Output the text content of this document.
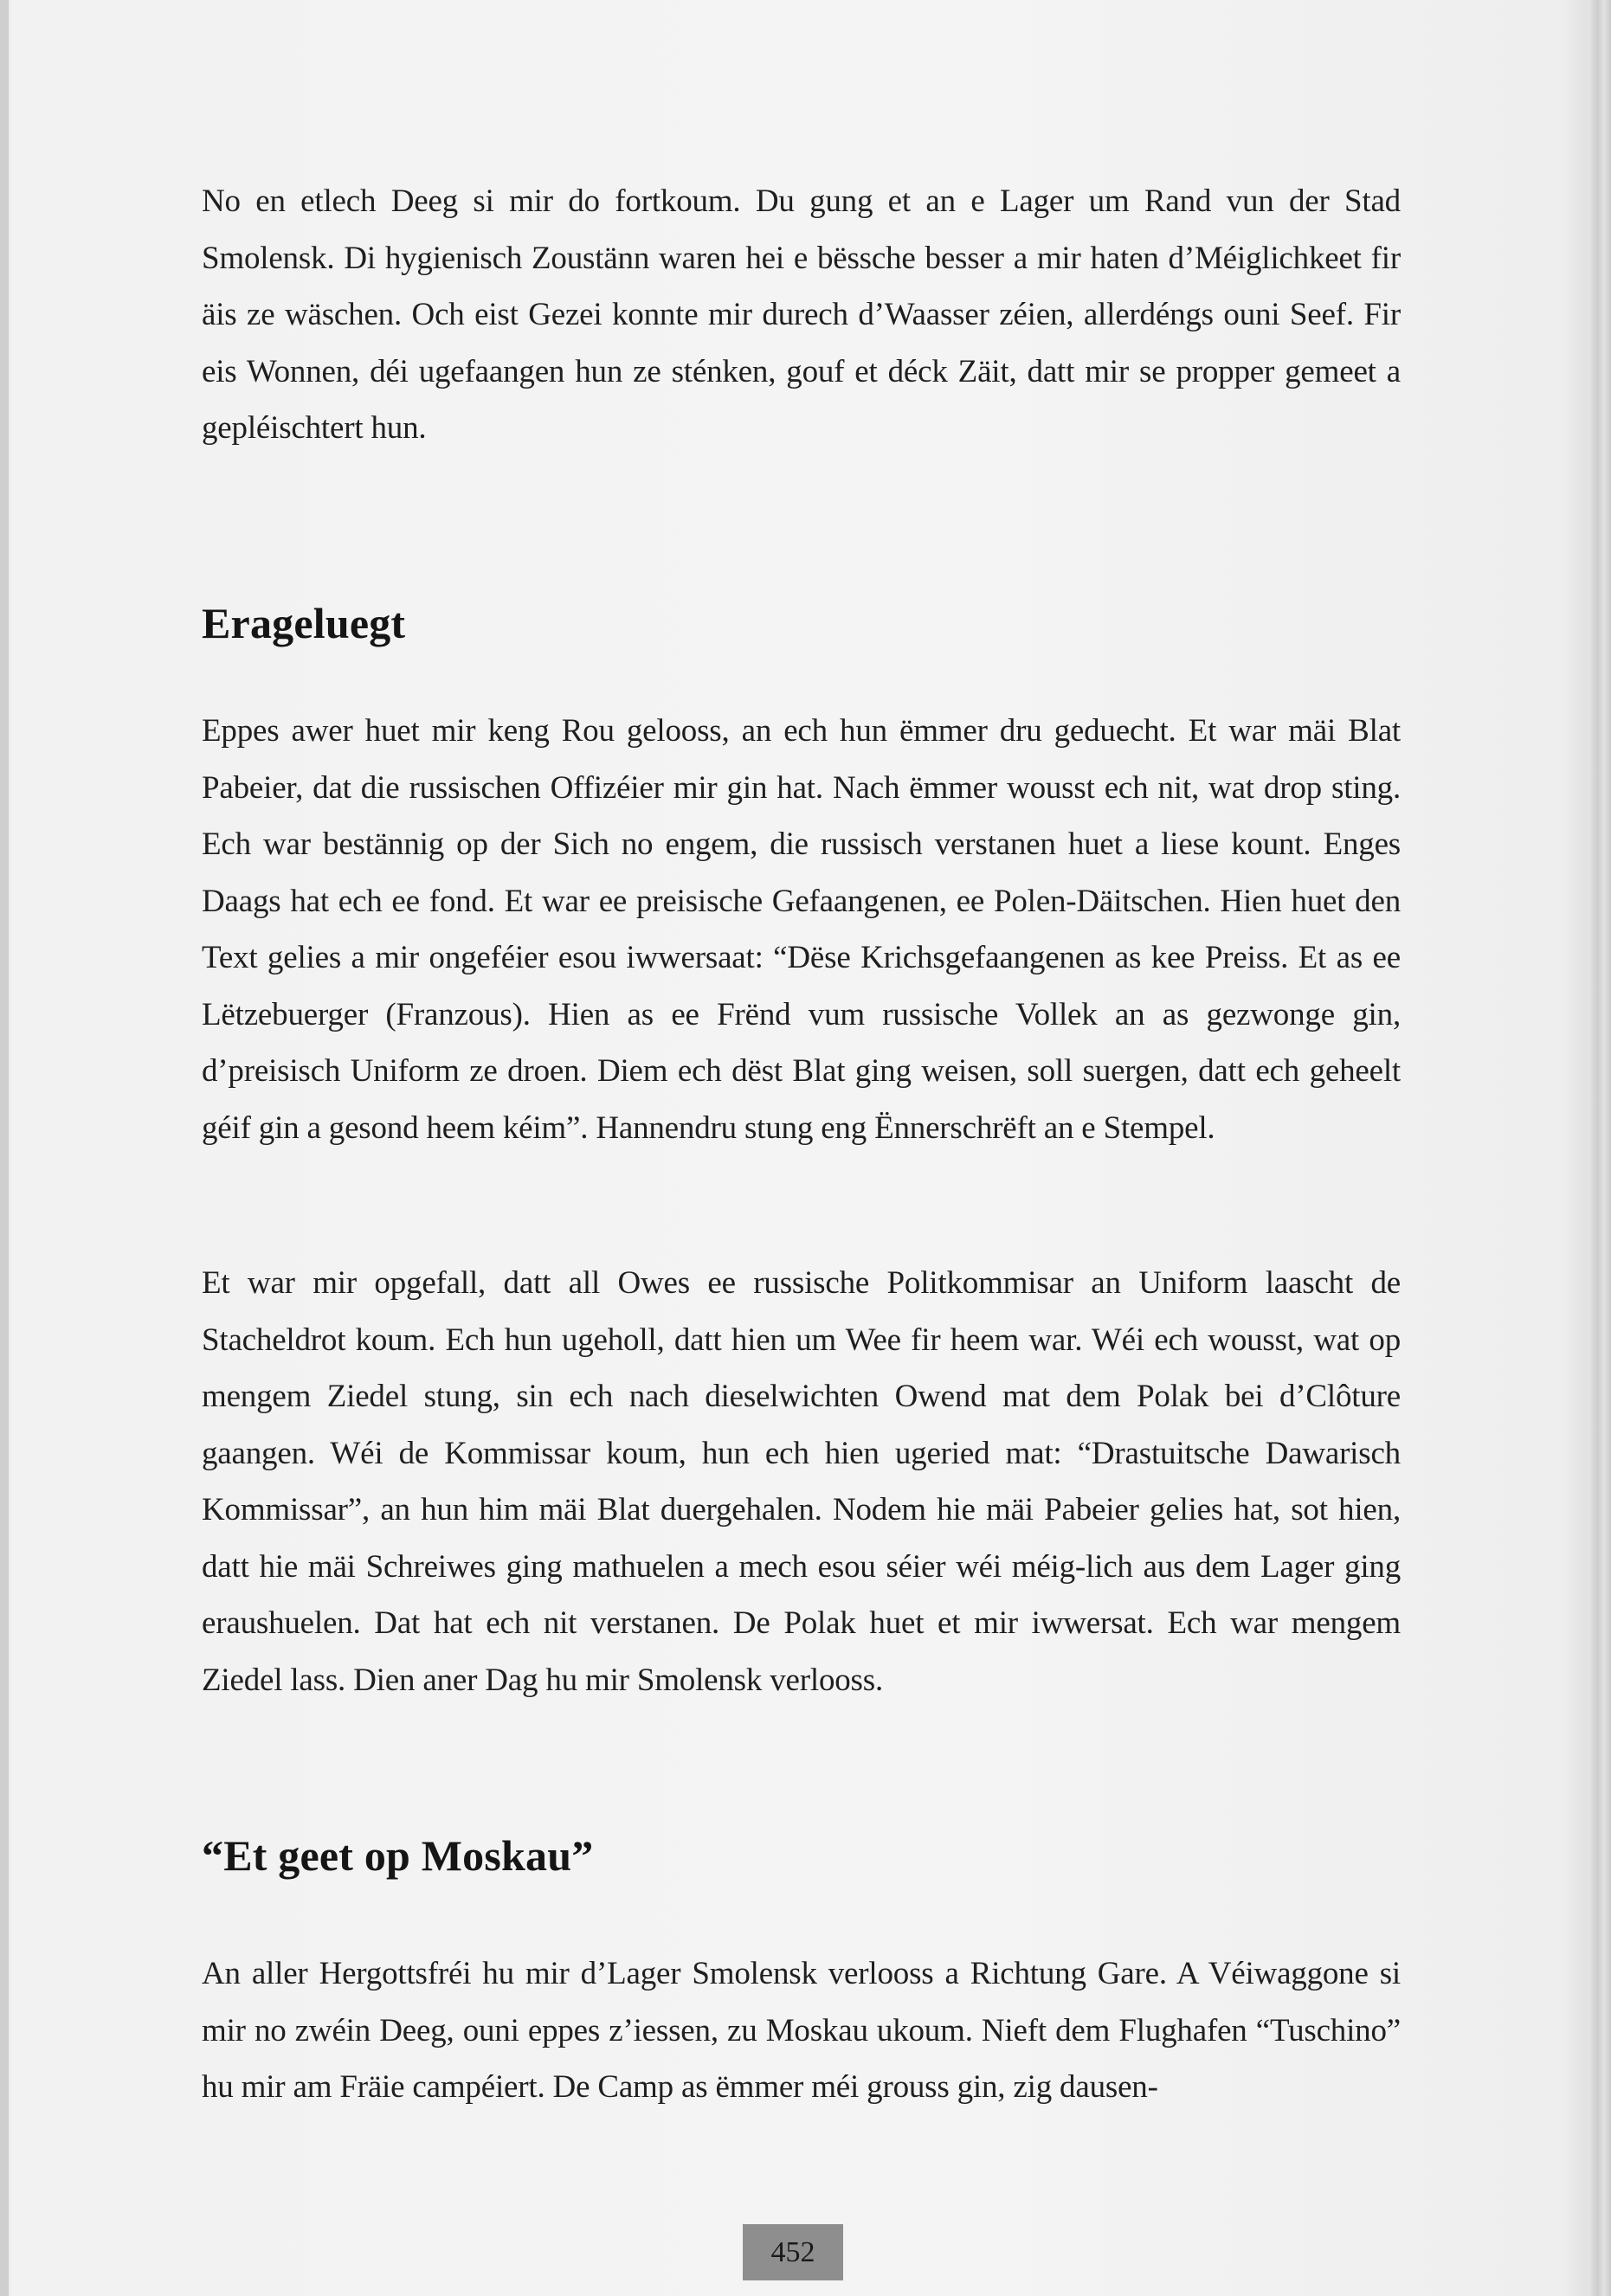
No en etlech Deeg si mir do fortkoum. Du gung et an e Lager um Rand vun der Stad Smolensk. Di hygienisch Zoustänn waren hei e bëssche besser a mir haten d’Méiglichkeet fir äis ze wäschen. Och eist Gezei konnte mir durech d’Waasser zéien, allerdéngs ouni Seef. Fir eis Wonnen, déi ugefaangen hun ze sténken, gouf et déck Zäit, datt mir se propper gemeet a gepléischtert hun.

Erageluegt

Eppes awer huet mir keng Rou gelooss, an ech hun ëmmer dru geduecht. Et war mäi Blat Pabeier, dat die russischen Offizéier mir gin hat. Nach ëmmer wousst ech nit, wat drop sting. Ech war bestännig op der Sich no engem, die russisch verstanen huet a liese kount. Enges Daags hat ech ee fond. Et war ee preisische Gefaangenen, ee Polen-Däitschen. Hien huet den Text gelies a mir ongeféier esou iwwersaat: “Dëse Krichsgefaangenen as kee Preiss. Et as ee Lëtzebuerger (Franzous). Hien as ee Frënd vum russische Vollek an as gezwonge gin, d’preisisch Uniform ze droen. Diem ech dëst Blat ging weisen, soll suergen, datt ech geheelt géif gin a gesond heem kéim”. Hannendru stung eng Ënnerschrëft an e Stempel.

Et war mir opgefall, datt all Owes ee russische Politkommisar an Uniform laascht de Stacheldrot koum. Ech hun ugeholl, datt hien um Wee fir heem war. Wéi ech wousst, wat op mengem Ziedel stung, sin ech nach dieselwichten Owend mat dem Polak bei d’Clôture gaangen. Wéi de Kommissar koum, hun ech hien ugeried mat: “Drastuitsche Dawarisch Kommissar”, an hun him mäi Blat duergehalen. Nodem hie mäi Pabeier gelies hat, sot hien, datt hie mäi Schreiwes ging mathuelen a mech esou séier wéi méig-lich aus dem Lager ging eraushuelen. Dat hat ech nit verstanen. De Polak huet et mir iwwersat. Ech war mengem Ziedel lass. Dien aner Dag hu mir Smolensk verlooss.

“Et geet op Moskau”

An aller Hergottsfréi hu mir d’Lager Smolensk verlooss a Richtung Gare. A Véiwaggone si mir no zwéin Deeg, ouni eppes z’iessen, zu Moskau ukoum. Nieft dem Flughafen “Tuschino” hu mir am Fräie campéiert. De Camp as ëmmer méi grouss gin, zig dausen-

452
